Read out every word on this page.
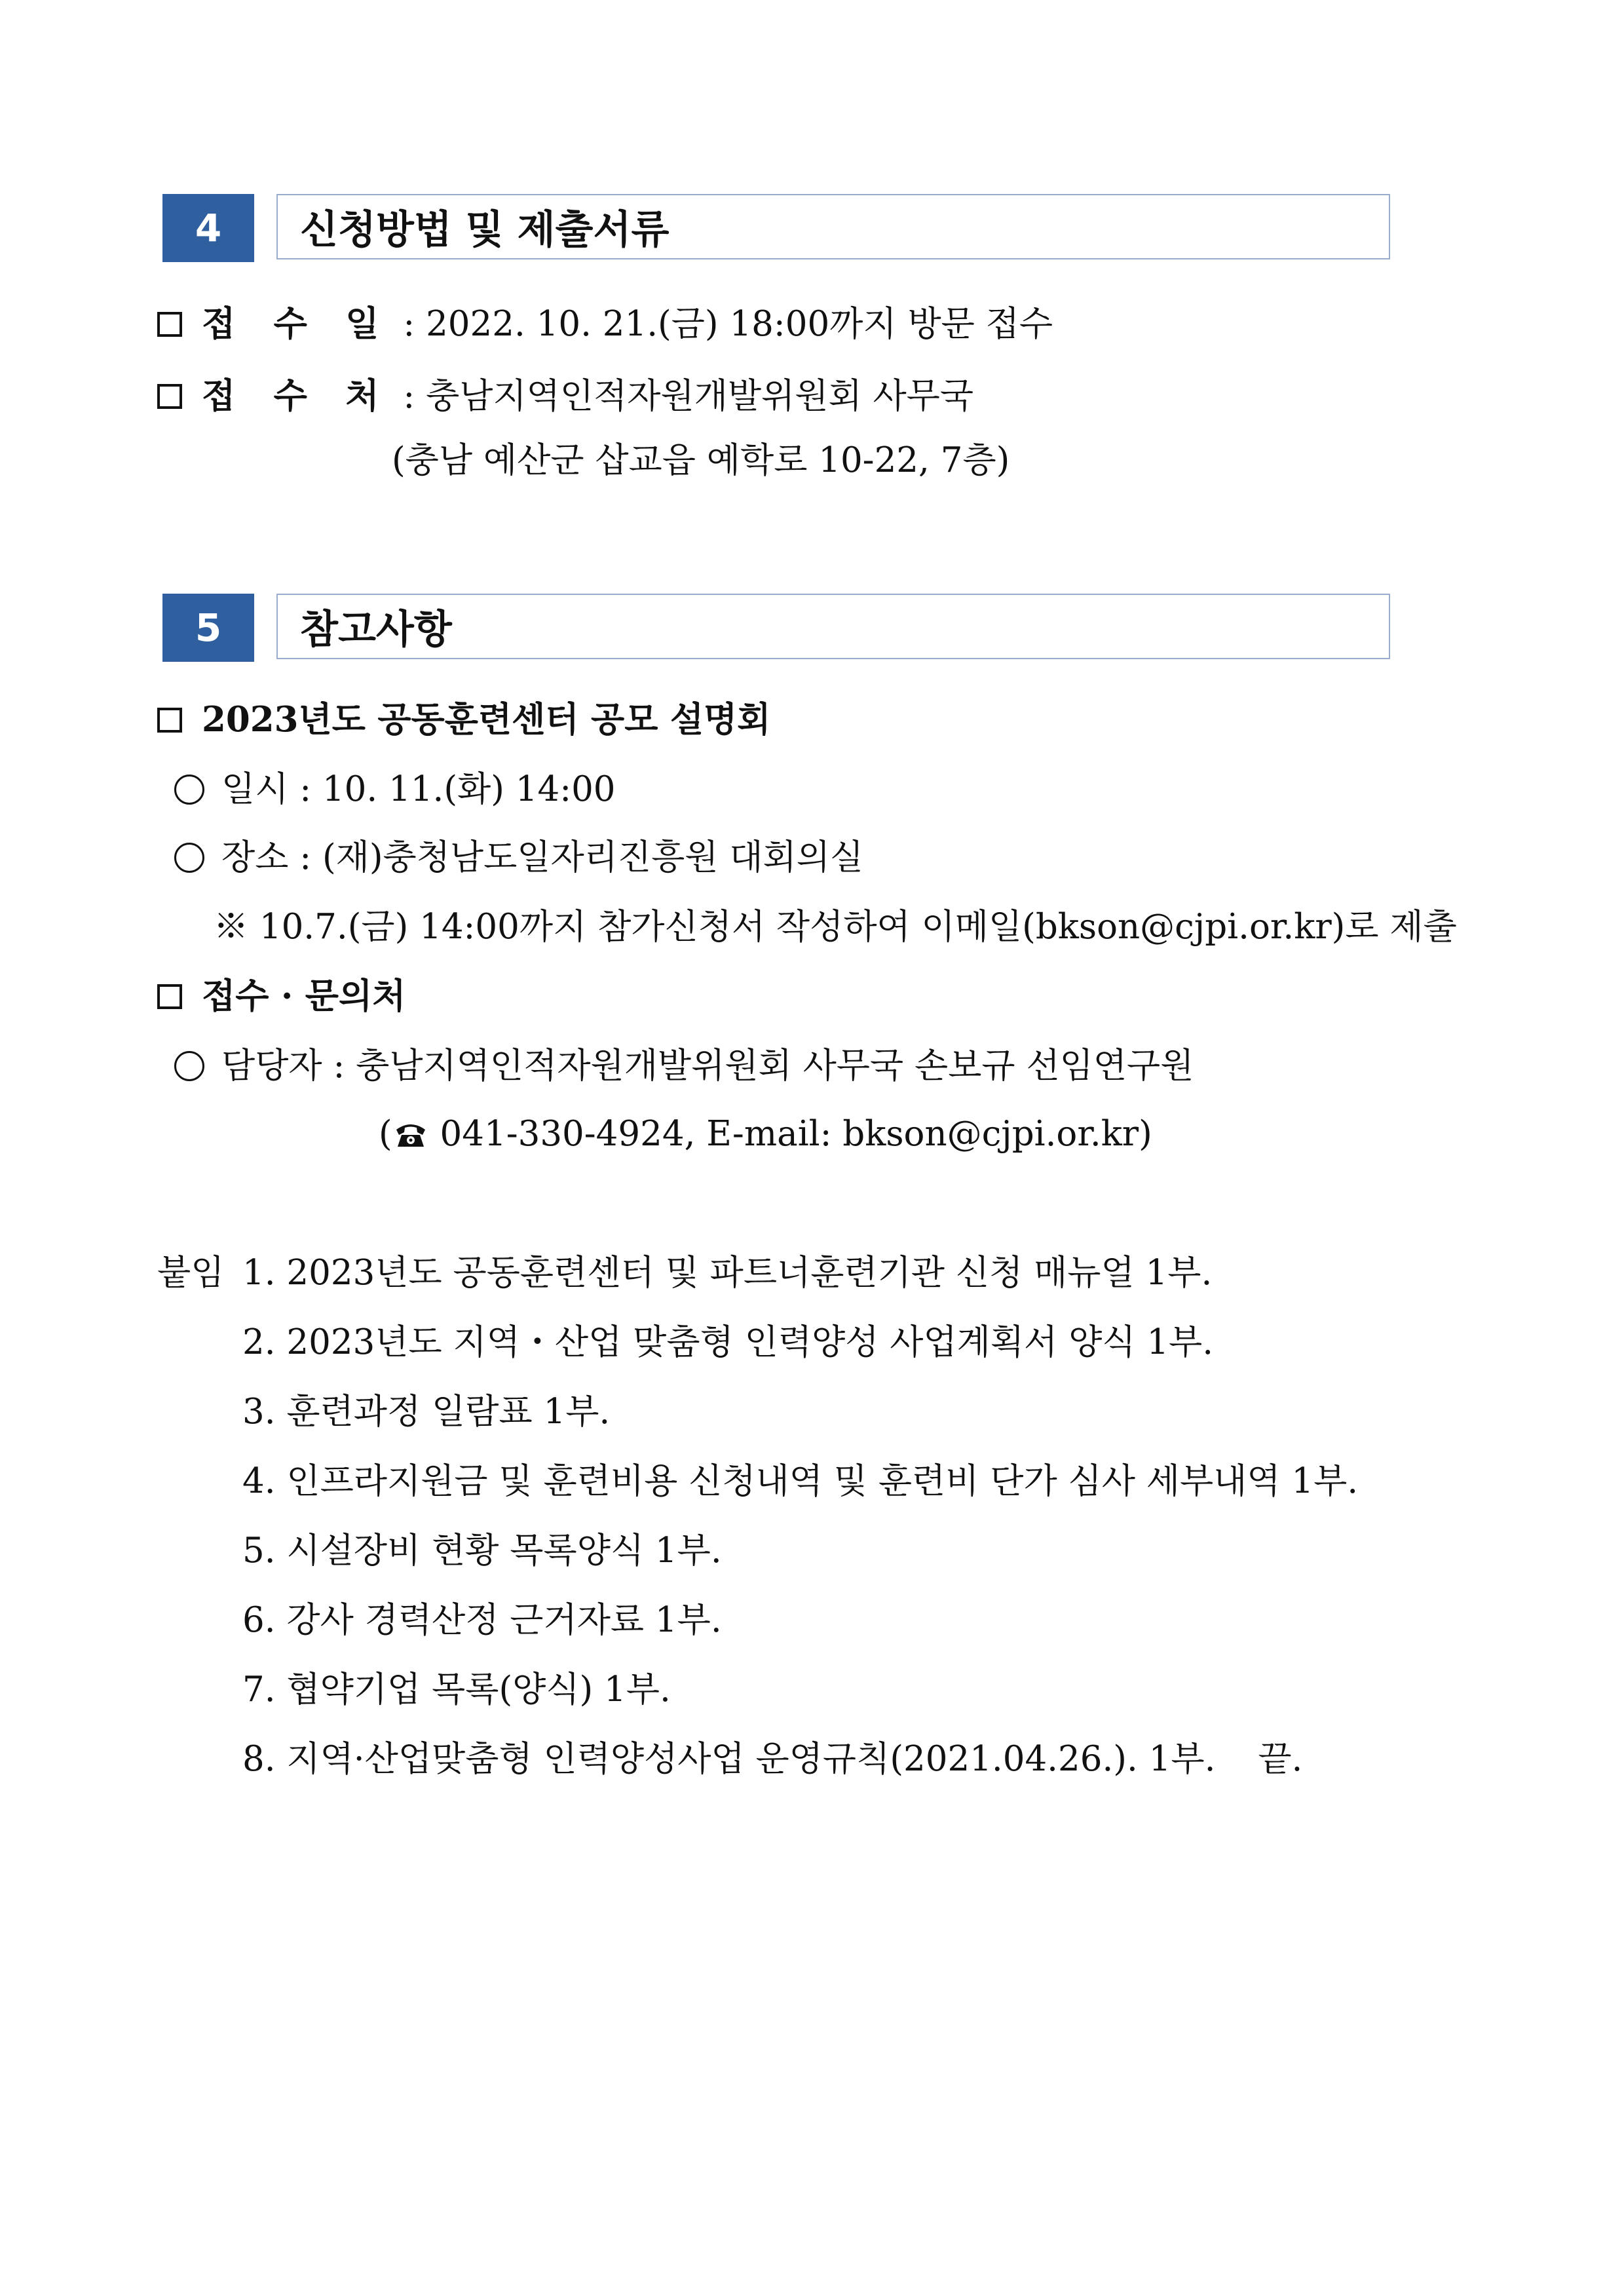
4	신청방법 및 제출서류
접 수 일 : 2022. 10. 21.(금) 18:00까지 방문 접수
접 수 처 : 충남지역인적자원개발위원회 사무국
(충남 예산군 삽교읍 예학로 10-22, 7층)
5	참고사항
2023년도 공동훈련센터 공모 설명회
일시 : 10. 11.(화) 14:00
장소 : (재)충청남도일자리진흥원 대회의실
※ 10.7.(금) 14:00까지 참가신청서 작성하여 이메일(bkson@cjpi.or.kr)로 제출
접수 · 문의처
담당자 : 충남지역인적자원개발위원회 사무국 손보규 선임연구원
( 041-330-4924, E-mail: bkson@cjpi.or.kr)
붙임 1. 2023년도 공동훈련센터 및 파트너훈련기관 신청 매뉴얼 1부.
2. 2023년도 지역・산업 맞춤형 인력양성 사업계획서 양식 1부.
3. 훈련과정 일람표 1부.
4. 인프라지원금 및 훈련비용 신청내역 및 훈련비 단가 심사 세부내역 1부.
5. 시설장비 현황 목록양식 1부.
6. 강사 경력산정 근거자료 1부.
7. 협약기업 목록(양식) 1부.
8. 지역·산업맞춤형 인력양성사업 운영규칙(2021.04.26.). 1부. 끝.
